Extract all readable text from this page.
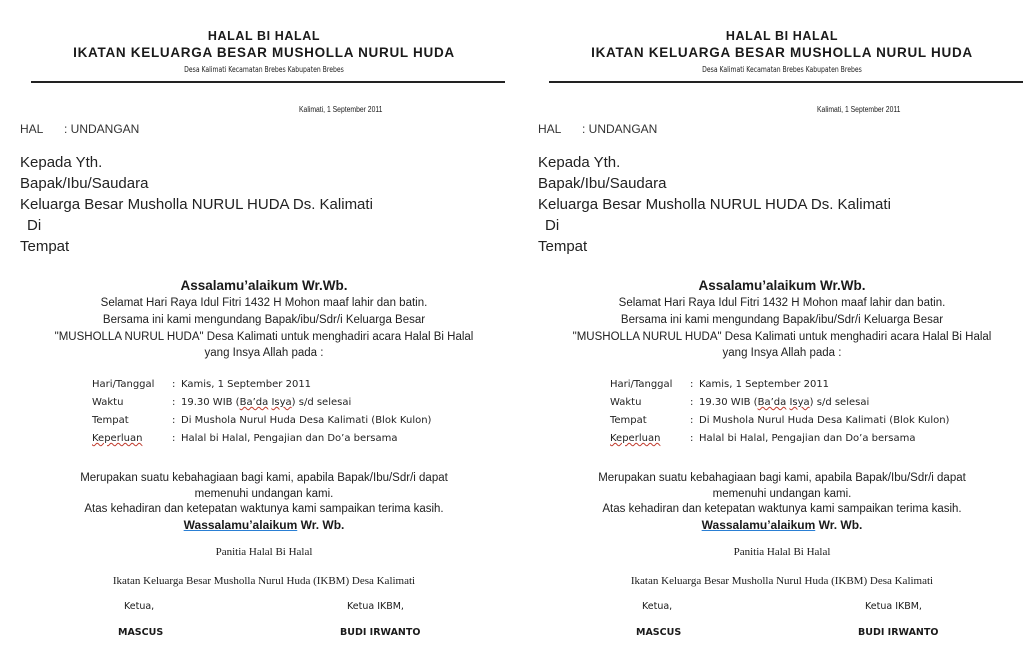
HALAL BI HALAL
IKATAN KELUARGA BESAR MUSHOLLA NURUL HUDA
Desa Kalimati Kecamatan Brebes Kabupaten Brebes
Kalimati, 1 September 2011
HAL : UNDANGAN
Kepada Yth.
Bapak/Ibu/Saudara
Keluarga Besar Musholla NURUL HUDA Ds. Kalimati
Di
Tempat
Assalamu’alaikum Wr.Wb.
Selamat Hari Raya Idul Fitri 1432 H Mohon maaf lahir dan batin.
Bersama ini kami mengundang Bapak/ibu/Sdr/i Keluarga Besar
"MUSHOLLA NURUL HUDA" Desa Kalimati untuk menghadiri acara Halal Bi Halal
yang Insya Allah pada :
Hari/Tanggal : Kamis, 1 September 2011
Waktu	: 19.30 WIB (Ba’da Isya) s/d selesai
Tempat	: Di Mushola Nurul Huda Desa Kalimati (Blok Kulon)
Keperluan	: Halal bi Halal, Pengajian dan Do’a bersama
Merupakan suatu kebahagiaan bagi kami, apabila Bapak/Ibu/Sdr/i dapat
memenuhi undangan kami.
Atas kehadiran dan ketepatan waktunya kami sampaikan terima kasih.
Wassalamu’alaikum Wr. Wb.
Panitia Halal Bi Halal
Ikatan Keluarga Besar Musholla Nurul Huda (IKBM) Desa Kalimati
Ketua,	Ketua IKBM,
MASCUS	BUDI IRWANTO
HALAL BI HALAL
IKATAN KELUARGA BESAR MUSHOLLA NURUL HUDA
Desa Kalimati Kecamatan Brebes Kabupaten Brebes
Kalimati, 1 September 2011
HAL : UNDANGAN
Kepada Yth.
Bapak/Ibu/Saudara
Keluarga Besar Musholla NURUL HUDA Ds. Kalimati
Di
Tempat
Assalamu’alaikum Wr.Wb.
Selamat Hari Raya Idul Fitri 1432 H Mohon maaf lahir dan batin.
Bersama ini kami mengundang Bapak/ibu/Sdr/i Keluarga Besar
"MUSHOLLA NURUL HUDA" Desa Kalimati untuk menghadiri acara Halal Bi Halal
yang Insya Allah pada :
Hari/Tanggal : Kamis, 1 September 2011
Waktu	: 19.30 WIB (Ba’da Isya) s/d selesai
Tempat	: Di Mushola Nurul Huda Desa Kalimati (Blok Kulon)
Keperluan	: Halal bi Halal, Pengajian dan Do’a bersama
Merupakan suatu kebahagiaan bagi kami, apabila Bapak/Ibu/Sdr/i dapat
memenuhi undangan kami.
Atas kehadiran dan ketepatan waktunya kami sampaikan terima kasih.
Wassalamu’alaikum Wr. Wb.
Panitia Halal Bi Halal
Ikatan Keluarga Besar Musholla Nurul Huda (IKBM) Desa Kalimati
Ketua,	Ketua IKBM,
MASCUS	BUDI IRWANTO
